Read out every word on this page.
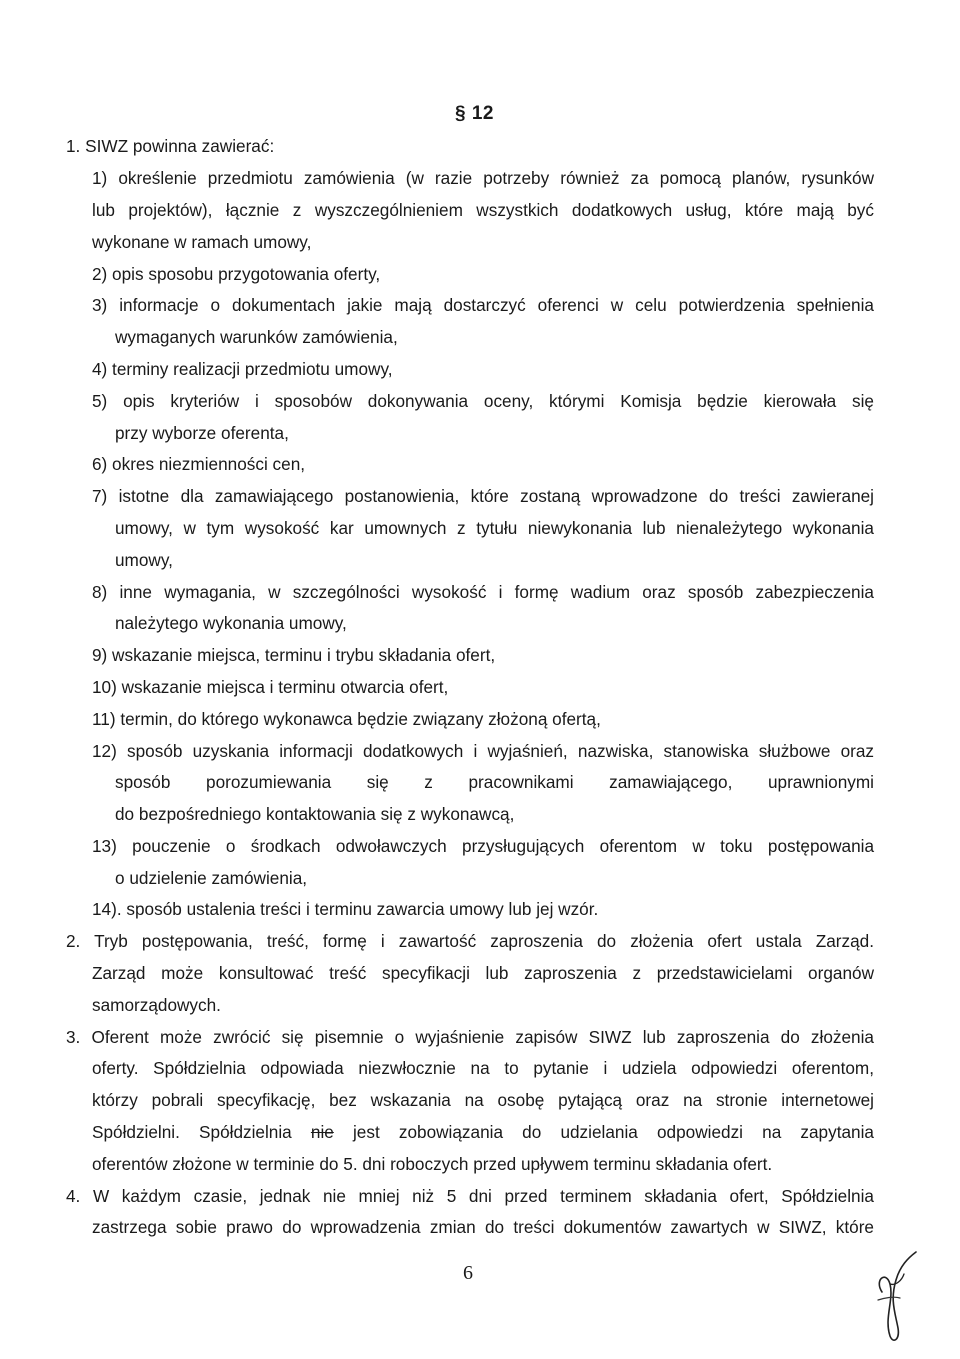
§ 12
1. SIWZ powinna zawierać:
1) określenie przedmiotu zamówienia (w razie potrzeby również za pomocą planów, rysunków
lub projektów), łącznie z wyszczególnieniem wszystkich dodatkowych usług, które mają być
wykonane w ramach umowy,
2) opis sposobu przygotowania oferty,
3) informacje o dokumentach jakie mają dostarczyć oferenci w celu potwierdzenia spełnienia
wymaganych warunków zamówienia,
4) terminy realizacji przedmiotu umowy,
5) opis kryteriów i sposobów dokonywania oceny, którymi Komisja będzie kierowała się
przy wyborze oferenta,
6) okres niezmienności cen,
7) istotne dla zamawiającego postanowienia, które zostaną wprowadzone do treści zawieranej
umowy, w tym wysokość kar umownych z tytułu niewykonania lub nienależytego wykonania
umowy,
8) inne wymagania, w szczególności wysokość i formę wadium oraz sposób zabezpieczenia
należytego wykonania umowy,
9) wskazanie miejsca, terminu i trybu składania ofert,
10) wskazanie miejsca i terminu otwarcia ofert,
11) termin, do którego wykonawca będzie związany złożoną ofertą,
12) sposób uzyskania informacji dodatkowych i wyjaśnień, nazwiska, stanowiska służbowe oraz
sposób porozumiewania się z pracownikami zamawiającego, uprawnionymi
do bezpośredniego kontaktowania się z wykonawcą,
13) pouczenie o środkach odwoławczych przysługujących oferentom w toku postępowania
o udzielenie zamówienia,
14). sposób ustalenia treści i terminu zawarcia umowy lub jej wzór.
2. Tryb postępowania, treść, formę i zawartość zaproszenia do złożenia ofert ustala Zarząd.
Zarząd może konsultować treść specyfikacji lub zaproszenia z przedstawicielami organów
samorządowych.
3. Oferent może zwrócić się pisemnie o wyjaśnienie zapisów SIWZ lub zaproszenia do złożenia
oferty. Spółdzielnia odpowiada niezwłocznie na to pytanie i udziela odpowiedzi oferentom,
którzy pobrali specyfikację, bez wskazania na osobę pytającą oraz na stronie internetowej
Spółdzielni. Spółdzielnia nie jest zobowiązania do udzielania odpowiedzi na zapytania
oferentów złożone w terminie do 5. dni roboczych przed upływem terminu składania ofert.
4. W każdym czasie, jednak nie mniej niż 5 dni przed terminem składania ofert, Spółdzielnia
zastrzega sobie prawo do wprowadzenia zmian do treści dokumentów zawartych w SIWZ, które
6
